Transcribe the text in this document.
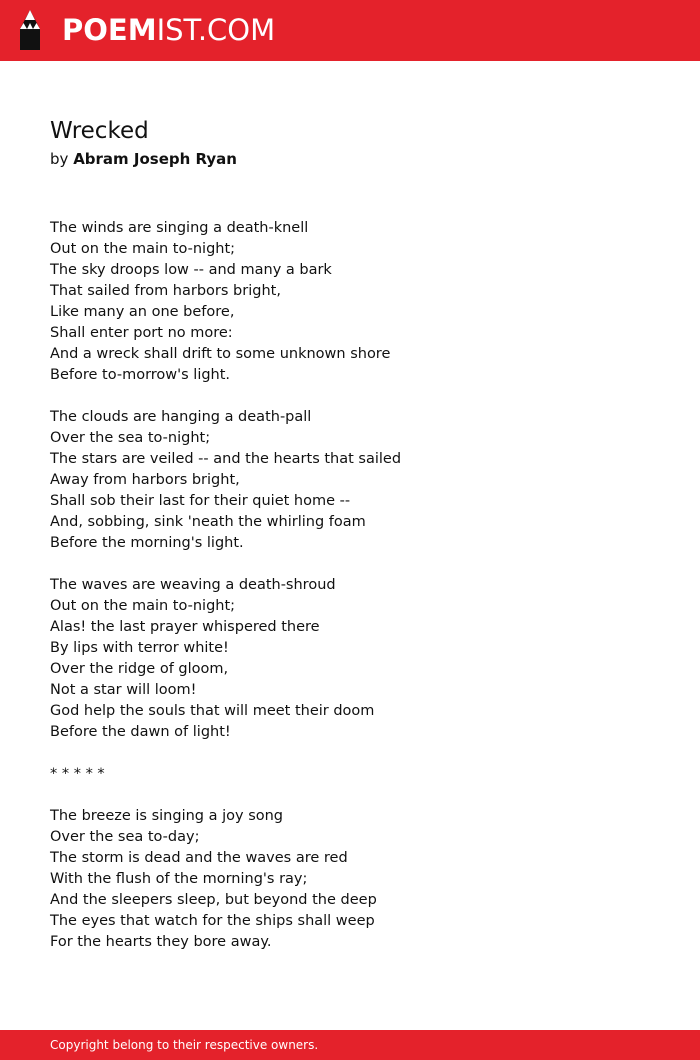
POEMIST.COM
Wrecked
by Abram Joseph Ryan
The winds are singing a death-knell
Out on the main to-night;
The sky droops low -- and many a bark
That sailed from harbors bright,
Like many an one before,
Shall enter port no more:
And a wreck shall drift to some unknown shore
Before to-morrow's light.
The clouds are hanging a death-pall
Over the sea to-night;
The stars are veiled -- and the hearts that sailed
Away from harbors bright,
Shall sob their last for their quiet home --
And, sobbing, sink 'neath the whirling foam
Before the morning's light.
The waves are weaving a death-shroud
Out on the main to-night;
Alas! the last prayer whispered there
By lips with terror white!
Over the ridge of gloom,
Not a star will loom!
God help the souls that will meet their doom
Before the dawn of light!
* * * * *
The breeze is singing a joy song
Over the sea to-day;
The storm is dead and the waves are red
With the flush of the morning's ray;
And the sleepers sleep, but beyond the deep
The eyes that watch for the ships shall weep
For the hearts they bore away.
Copyright belong to their respective owners.
